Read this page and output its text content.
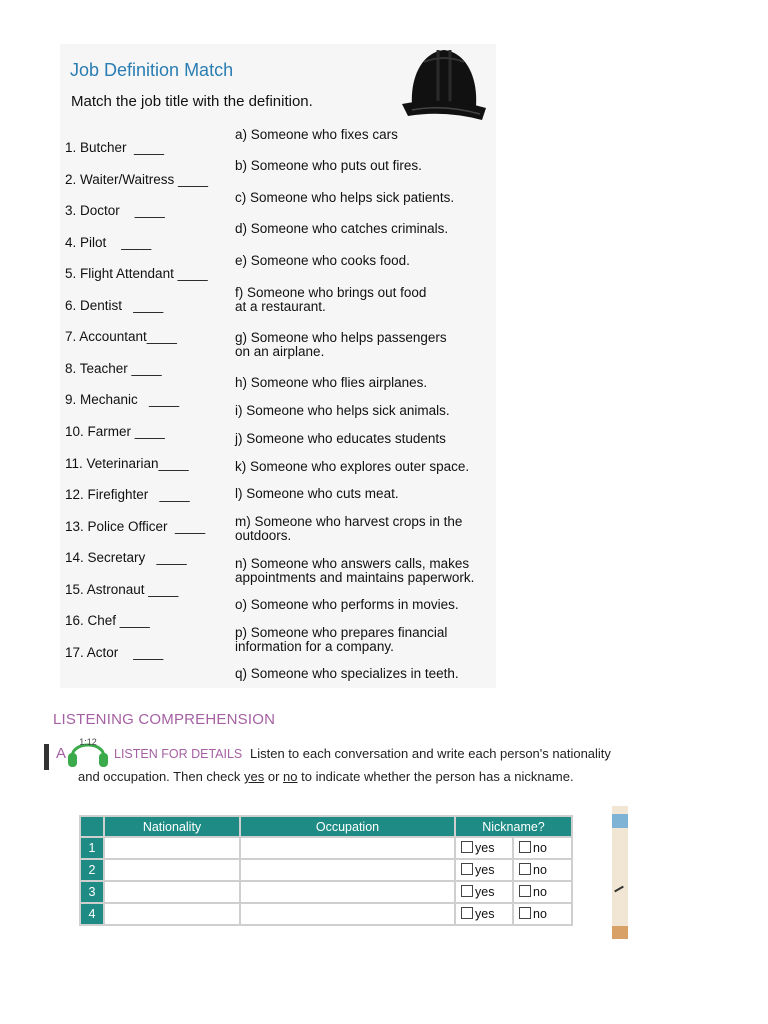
Job Definition Match
Match the job title with the definition.
1. Butcher  ____
2. Waiter/Waitress ____
3. Doctor    ____
4. Pilot    ____
5. Flight Attendant ____
6. Dentist   ____
7. Accountant____
8. Teacher ____
9. Mechanic   ____
10. Farmer ____
11. Veterinarian____
12. Firefighter   ____
13. Police Officer  ____
14. Secretary   ____
15. Astronaut ____
16. Chef ____
17. Actor    ____
a) Someone who fixes cars
b) Someone who puts out fires.
c) Someone who helps sick patients.
d) Someone who catches criminals.
e) Someone who cooks food.
f) Someone who brings out food
at a restaurant.
g) Someone who helps passengers
on an airplane.
h) Someone who flies airplanes.
i) Someone who helps sick animals.
j) Someone who educates students
k) Someone who explores outer space.
l) Someone who cuts meat.
m) Someone who harvest crops in the
outdoors.
n) Someone who answers calls, makes
appointments and maintains paperwork.
o) Someone who performs in movies.
p) Someone who prepares financial
information for a company.
q) Someone who specializes in teeth.
LISTENING COMPREHENSION
A
1:12
LISTEN FOR DETAILS Listen to each conversation and write each person's nationality
and occupation. Then check yes or no to indicate whether the person has a nickname.
	Nationality	Occupation	Nickname?	
1			yes	no
2			yes	no
3			yes	no
4			yes	no
